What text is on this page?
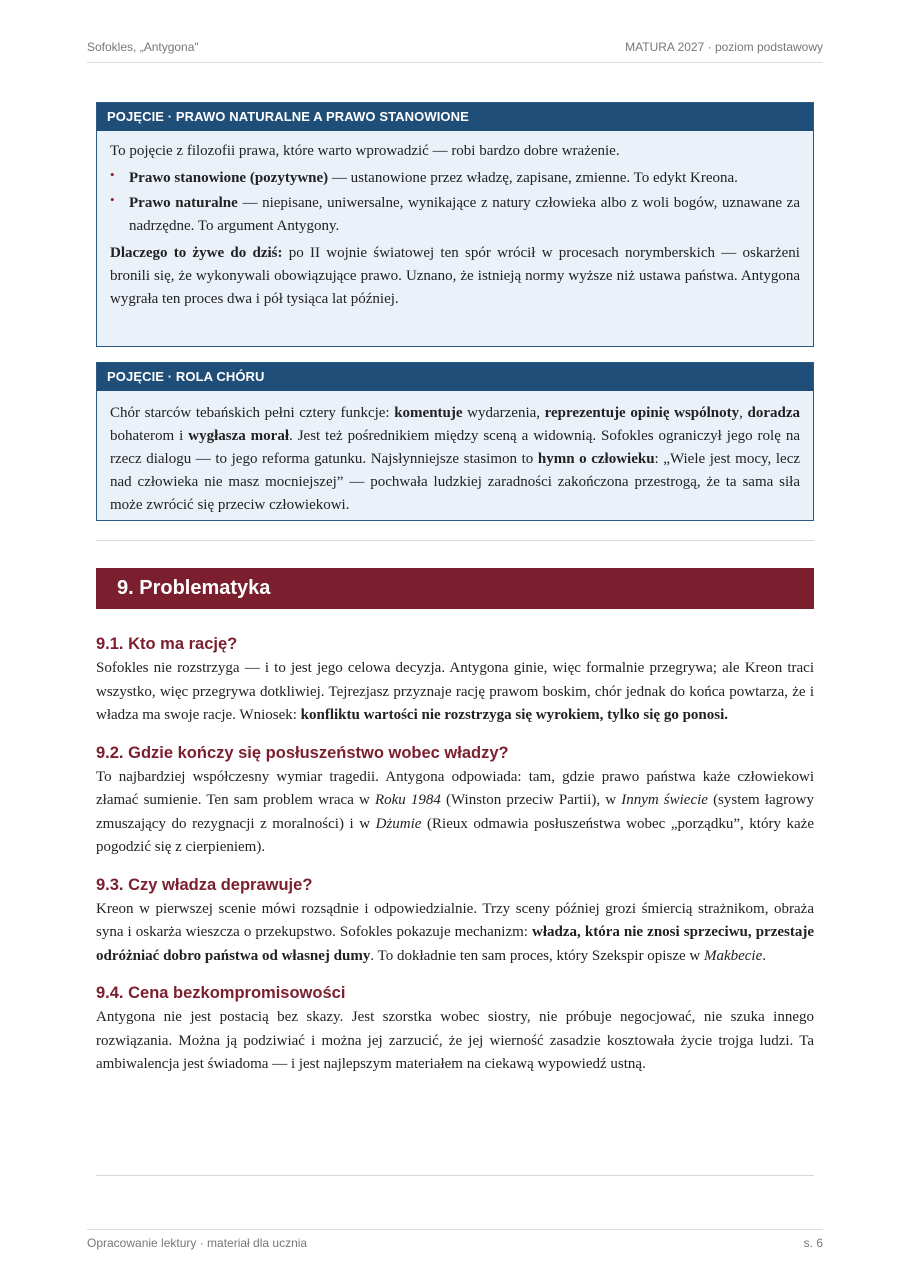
Sofokles, „Antygona"	MATURA 2027 · poziom podstawowy
POJĘCIE · PRAWO NATURALNE A PRAWO STANOWIONE

To pojęcie z filozofii prawa, które warto wprowadzić — robi bardzo dobre wrażenie.

• Prawo stanowione (pozytywne) — ustanowione przez władzę, zapisane, zmienne. To edykt Kreona.
• Prawo naturalne — niepisane, uniwersalne, wynikające z natury człowieka albo z woli bogów, uznawane za nadrzędne. To argument Antygony.

Dlaczego to żywe do dziś: po II wojnie światowej ten spór wrócił w procesach norymberskich — oskarżeni bronili się, że wykonywali obowiązujące prawo. Uznano, że istnieją normy wyższe niż ustawa państwa. Antygona wygrała ten proces dwa i pół tysiąca lat później.

POJĘCIE · ROLA CHÓRU

Chór starców tebańskich pełni cztery funkcje: komentuje wydarzenia, reprezentuje opinię wspólnoty, doradza bohaterom i wygłasza morał. Jest też pośrednikiem między sceną a widownią. Sofokles ograniczył jego rolę na rzecz dialogu — to jego reforma gatunku. Najsłynniejsze stasimon to hymn o człowieku: „Wiele jest mocy, lecz nad człowieka nie masz mocniejszej” — pochwała ludzkiej zaradności zakończona przestrogą, że ta sama siła może zwrócić się przeciw człowiekowi.

9. Problematyka
9.1. Kto ma rację?

Sofokles nie rozstrzyga — i to jest jego celowa decyzja. Antygona ginie, więc formalnie przegrywa; ale Kreon traci wszystko, więc przegrywa dotkliwiej. Tejrezjasz przyznaje rację prawom boskim, chór jednak do końca powtarza, że i władza ma swoje racje. Wniosek: konfliktu wartości nie rozstrzyga się wyrokiem, tylko się go ponosi.

9.2. Gdzie kończy się posłuszeństwo wobec władzy?

To najbardziej współczesny wymiar tragedii. Antygona odpowiada: tam, gdzie prawo państwa każe człowiekowi złamać sumienie. Ten sam problem wraca w Roku 1984 (Winston przeciw Partii), w Innym świecie (system łagrowy zmuszający do rezygnacji z moralności) i w Dżumie (Rieux odmawia posłuszeństwa wobec „porządku”, który każe pogodzić się z cierpieniem).

9.3. Czy władza deprawuje?

Kreon w pierwszej scenie mówi rozsądnie i odpowiedzialnie. Trzy sceny później grozi śmiercią strażnikom, obraża syna i oskarża wieszcza o przekupstwo. Sofokles pokazuje mechanizm: władza, która nie znosi sprzeciwu, przestaje odróżniać dobro państwa od własnej dumy. To dokładnie ten sam proces, który Szekspir opisze w Makbecie.

9.4. Cena bezkompromisowości

Antygona nie jest postacią bez skazy. Jest szorstka wobec siostry, nie próbuje negocjować, nie szuka innego rozwiązania. Można ją podziwiać i można jej zarzucić, że jej wierność zasadzie kosztowała życie trojga ludzi. Ta ambiwalencja jest świadoma — i jest najlepszym materiałem na ciekawą wypowiedź ustną.

Opracowanie lektury · materiał dla ucznia	s. 6
